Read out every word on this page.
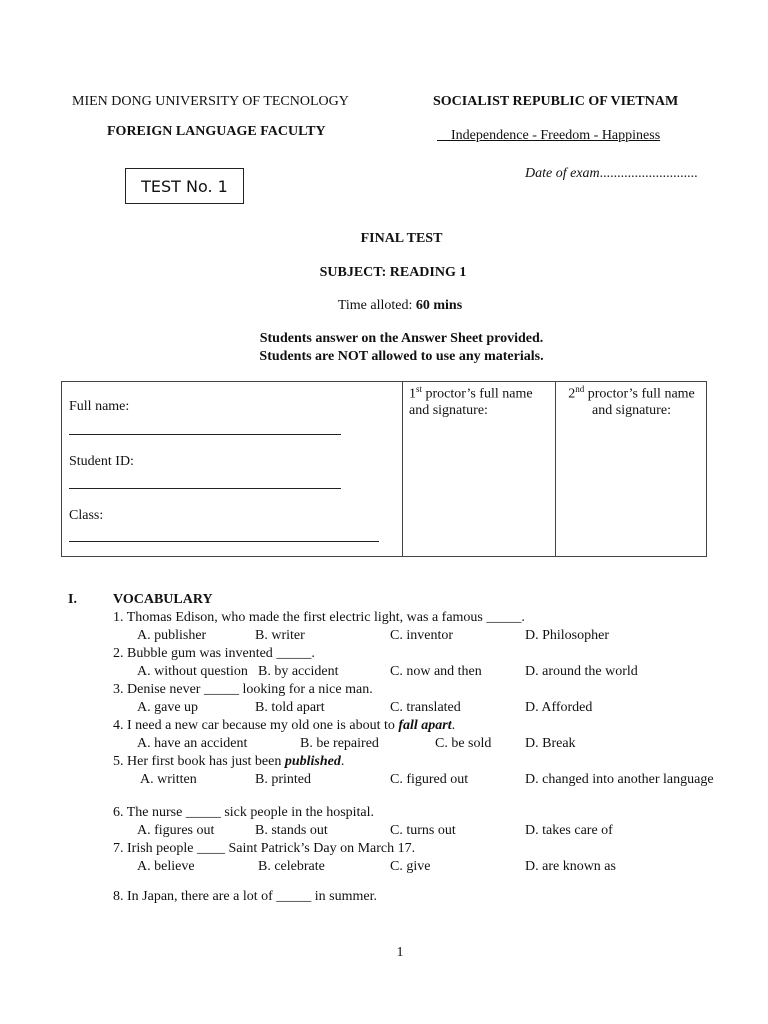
MIEN DONG UNIVERSITY OF TECNOLOGY
FOREIGN LANGUAGE FACULTY
SOCIALIST REPUBLIC OF VIETNAM
Independence - Freedom - Happiness
Date of exam............................
TEST No. 1
FINAL TEST
SUBJECT: READING 1
Time alloted: 60 mins
Students answer on the Answer Sheet provided.
Students are NOT allowed to use any materials.
Full name:
Student ID:
Class:
1st proctor’s full name
and signature:
2nd proctor’s full name
and signature:
I.	VOCABULARY
1. Thomas Edison, who made the first electric light, was a famous _____.
A. publisher	B. writer	C. inventor	D. Philosopher
2. Bubble gum was invented _____.
A. without question B. by accident	C. now and then	D. around the world
3. Denise never _____ looking for a nice man.
A. gave up	B. told apart	C. translated	D. Afforded
4. I need a new car because my old one is about to fall apart.
A. have an accident	B. be repaired	C. be sold D. Break
5. Her first book has just been published.
A. written	B. printed	C. figured out	D. changed into another language
6. The nurse _____ sick people in the hospital.
A. figures out	B. stands out	C. turns out	D. takes care of
7. Irish people ____ Saint Patrick’s Day on March 17.
A. believe	B. celebrate	C. give	D. are known as
8. In Japan, there are a lot of _____ in summer.
1
